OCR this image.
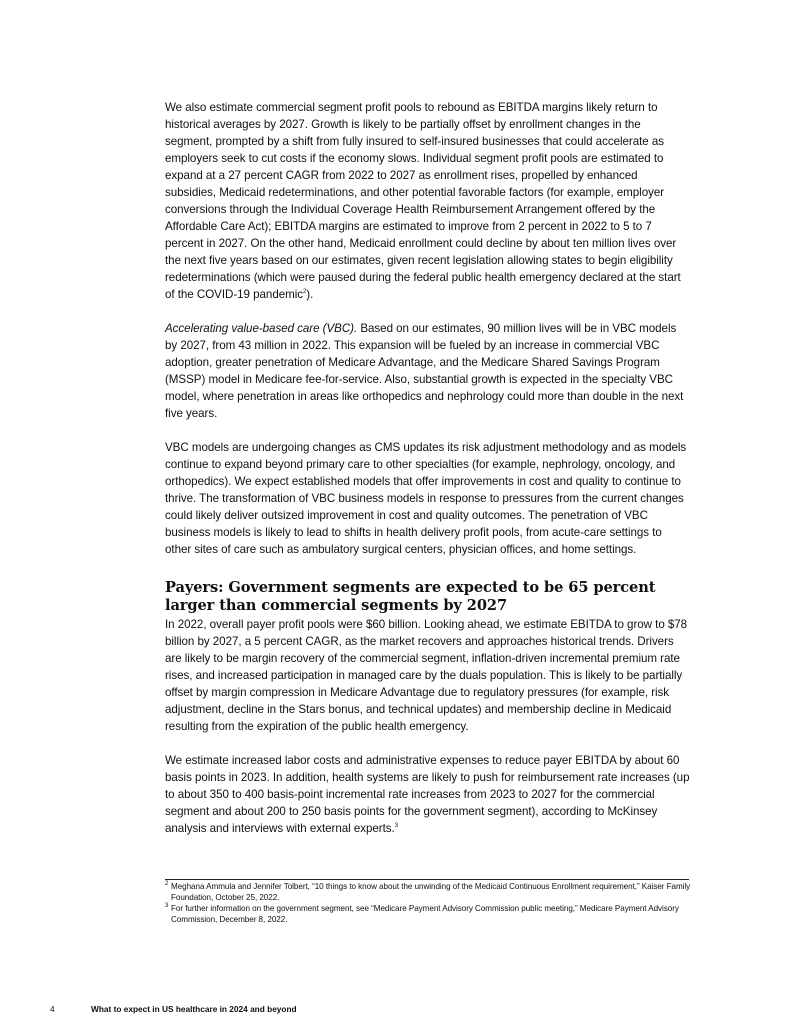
We also estimate commercial segment profit pools to rebound as EBITDA margins likely return to historical averages by 2027. Growth is likely to be partially offset by enrollment changes in the segment, prompted by a shift from fully insured to self-insured businesses that could accelerate as employers seek to cut costs if the economy slows. Individual segment profit pools are estimated to expand at a 27 percent CAGR from 2022 to 2027 as enrollment rises, propelled by enhanced subsidies, Medicaid redeterminations, and other potential favorable factors (for example, employer conversions through the Individual Coverage Health Reimbursement Arrangement offered by the Affordable Care Act); EBITDA margins are estimated to improve from 2 percent in 2022 to 5 to 7 percent in 2027. On the other hand, Medicaid enrollment could decline by about ten million lives over the next five years based on our estimates, given recent legislation allowing states to begin eligibility redeterminations (which were paused during the federal public health emergency declared at the start of the COVID-19 pandemic$^2$).

Accelerating value-based care (VBC). Based on our estimates, 90 million lives will be in VBC models by 2027, from 43 million in 2022. This expansion will be fueled by an increase in commercial VBC adoption, greater penetration of Medicare Advantage, and the Medicare Shared Savings Program (MSSP) model in Medicare fee-for-service. Also, substantial growth is expected in the specialty VBC model, where penetration in areas like orthopedics and nephrology could more than double in the next five years.

VBC models are undergoing changes as CMS updates its risk adjustment methodology and as models continue to expand beyond primary care to other specialties (for example, nephrology, oncology, and orthopedics). We expect established models that offer improvements in cost and quality to continue to thrive. The transformation of VBC business models in response to pressures from the current changes could likely deliver outsized improvement in cost and quality outcomes. The penetration of VBC business models is likely to lead to shifts in health delivery profit pools, from acute-care settings to other sites of care such as ambulatory surgical centers, physician offices, and home settings.

Payers: Government segments are expected to be 65 percent larger than commercial segments by 2027

In 2022, overall payer profit pools were $60 billion. Looking ahead, we estimate EBITDA to grow to $78 billion by 2027, a 5 percent CAGR, as the market recovers and approaches historical trends. Drivers are likely to be margin recovery of the commercial segment, inflation-driven incremental premium rate rises, and increased participation in managed care by the duals population. This is likely to be partially offset by margin compression in Medicare Advantage due to regulatory pressures (for example, risk adjustment, decline in the Stars bonus, and technical updates) and membership decline in Medicaid resulting from the expiration of the public health emergency.

We estimate increased labor costs and administrative expenses to reduce payer EBITDA by about 60 basis points in 2023. In addition, health systems are likely to push for reimbursement rate increases (up to about 350 to 400 basis-point incremental rate increases from 2023 to 2027 for the commercial segment and about 200 to 250 basis points for the government segment), according to McKinsey analysis and interviews with external experts.$^3$

2 Meghana Ammula and Jennifer Tolbert, “10 things to know about the unwinding of the Medicaid Continuous Enrollment requirement,” Kaiser Family Foundation, October 25, 2022.

3 For further information on the government segment, see “Medicare Payment Advisory Commission public meeting,” Medicare Payment Advisory Commission, December 8, 2022.

4	What to expect in US healthcare in 2024 and beyond
